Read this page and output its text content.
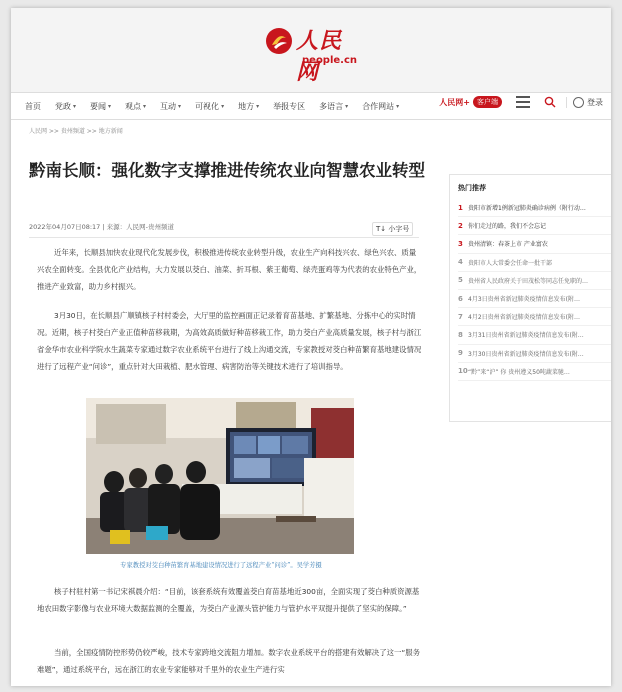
人民网
people.cn
首页 党政 ▾ 要闻 ▾ 观点 ▾ 互动 ▾ 可视化 ▾ 地方 ▾ 举报专区 多语言 ▾ 合作网站 ▾	人民网+	客户端	登录
人民网 >> 贵州频道 >> 地方新闻
黔南长顺：强化数字支撑推进传统农业向智慧农业转型
2022年04月07日08:17 | 来源：人民网-贵州频道	T↓ 小字号

近年来，长顺县加快农业现代化发展步伐，积极推进传统农业转型升级，农业生产向科技兴农、绿色兴农、质量兴农全面转变。全县优化产业结构，大力发展以茭白、油菜、折耳根、紫王葡萄、绿壳蛋鸡等为代表的农业特色产业，推进产业致富，助力乡村振兴。

3月30日，在长顺县广顺镇核子村村委会，大厅里的监控画面正记录着育苗基地、扩繁基地、分拣中心的实时情况。近期，核子村茭白产业正值种苗移栽期，为高效高质做好种苗移栽工作，助力茭白产业高质量发展，核子村与浙江省金华市农业科学院水生蔬菜专家通过数字农业系统平台进行了线上沟通交流，专家教授对茭白种苗繁育基地建设情况进行了远程产业“问诊”，重点针对大田栽植、肥水管理、病害防治等关键技术进行了培训指导。

专家教授对茭白种苗繁育基地建设情况进行了远程产业“问诊”。吴学芳摄

核子村驻村第一书记宋祺晨介绍：“目前，该套系统有效覆盖茭白育苗基地近300亩，全面实现了茭白种质资源基地农田数字影像与农业环境大数据监测的全覆盖，为茭白产业源头管护能力与管护水平双提升提供了坚实的保障。”

当前，全国疫情防控形势仍较严峻，技术专家跨地交流阻力增加。数字农业系统平台的搭建有效解决了这一“服务难题”，通过系统平台，远在浙江的农业专家能够对千里外的农业生产进行实

热门推荐
1 贵阳市新增1例新冠肺炎确诊病例（附行动…
2 你们走过的路，我们不会忘记
3 贵州清镇：春茶上市 产业富农
4 贵阳市人大常委会任命一批干部
5 贵州省人民政府关于田茂松等同志任免职的…
6 4月3日贵州省新冠肺炎疫情信息发布(附…
7 4月2日贵州省新冠肺炎疫情信息发布(附…
8 3月31日贵州省新冠肺炎疫情信息发布(附…
9 3月30日贵州省新冠肺炎疫情信息发布(附…
10 “黔”来“沪” 你 贵州遵义50吨蔬菜驰…
